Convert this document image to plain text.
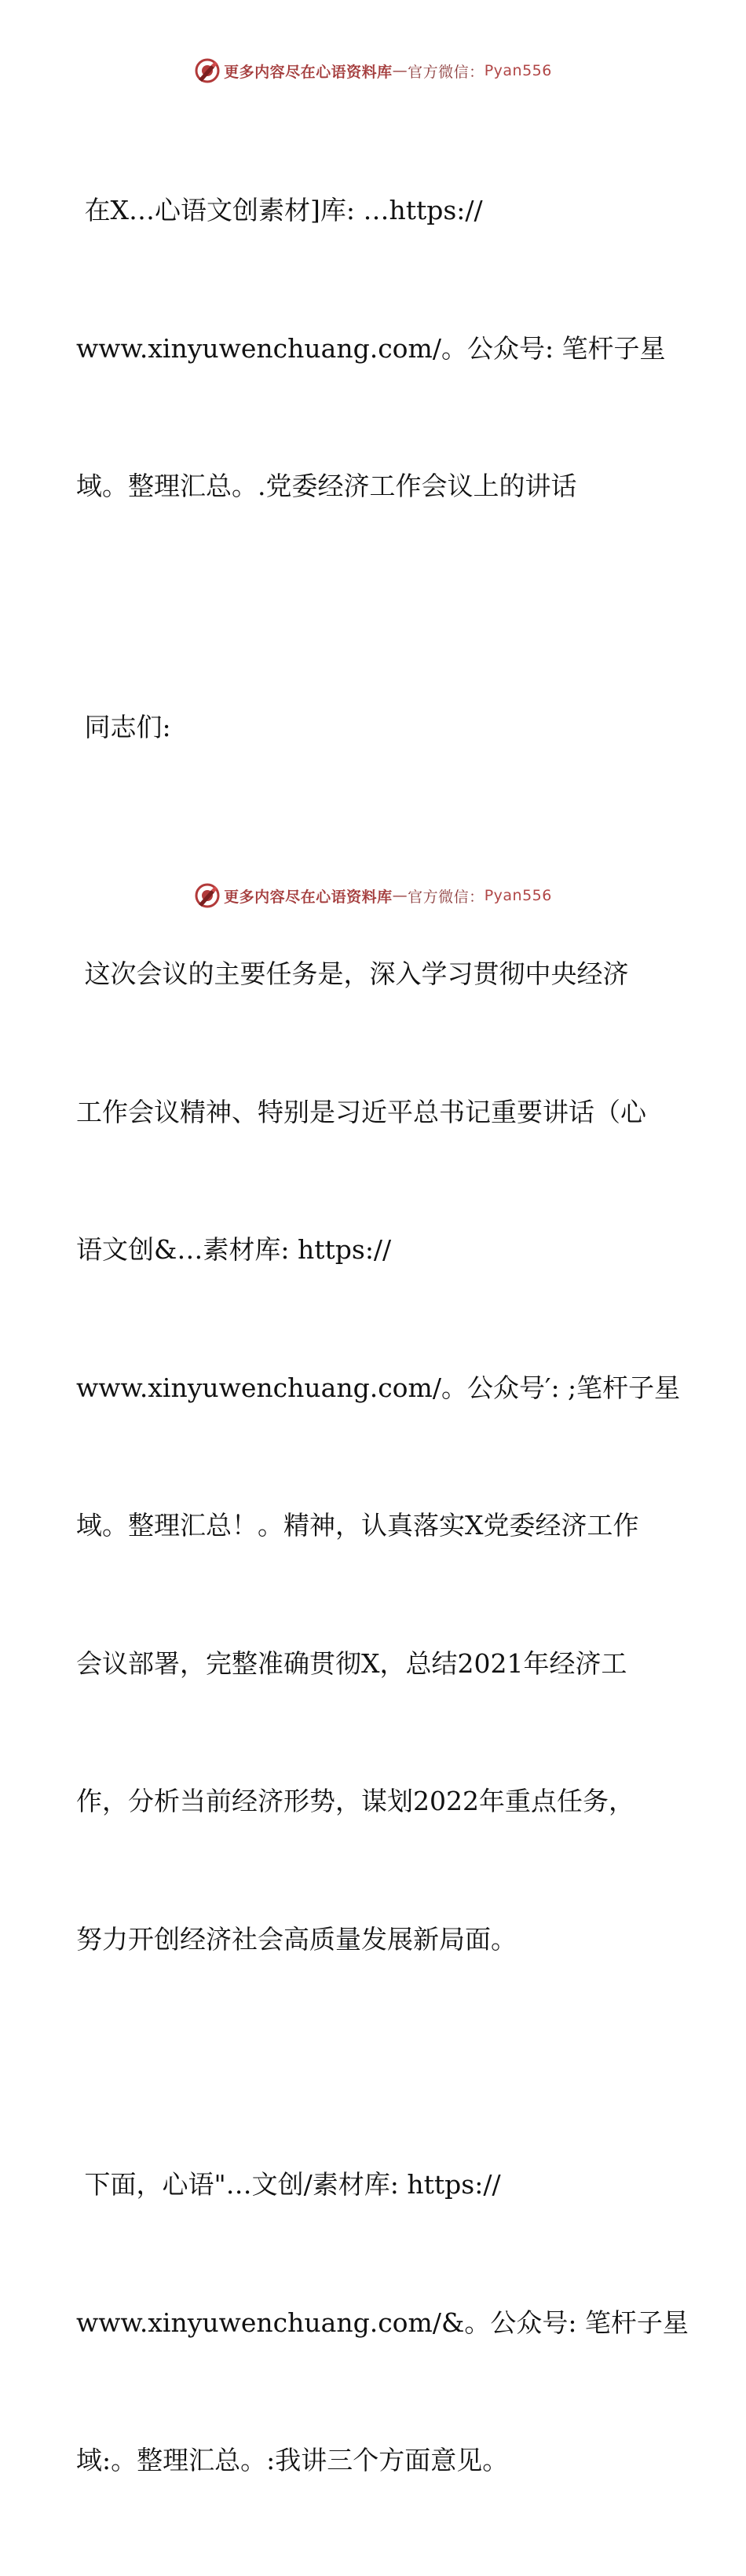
更多内容尽在心语资料库 — 官方微信： Pyan556

在X…心语文创素材]库: …https://

www.xinyuwenchuang.com/。公众号: 笔杆子星

域。整理汇总。.党委经济工作会议上的讲话

同志们:

这次会议的主要任务是，深入学习贯彻中央经济

工作会议精神、特别是习近平总书记重要讲话（心

语文创&…素材库: https://

www.xinyuwenchuang.com/。公众号′: ;笔杆子星

域。整理汇总！。精神，认真落实X党委经济工作

会议部署，完整准确贯彻X，总结2021年经济工

作，分析当前经济形势，谋划2022年重点任务，

努力开创经济社会高质量发展新局面。

下面，心语"…文创/素材库: https://

www.xinyuwenchuang.com/&。公众号: 笔杆子星

域:。整理汇总。:我讲三个方面意见。

更多内容尽在心语资料库 — 官方微信： Pyan556
